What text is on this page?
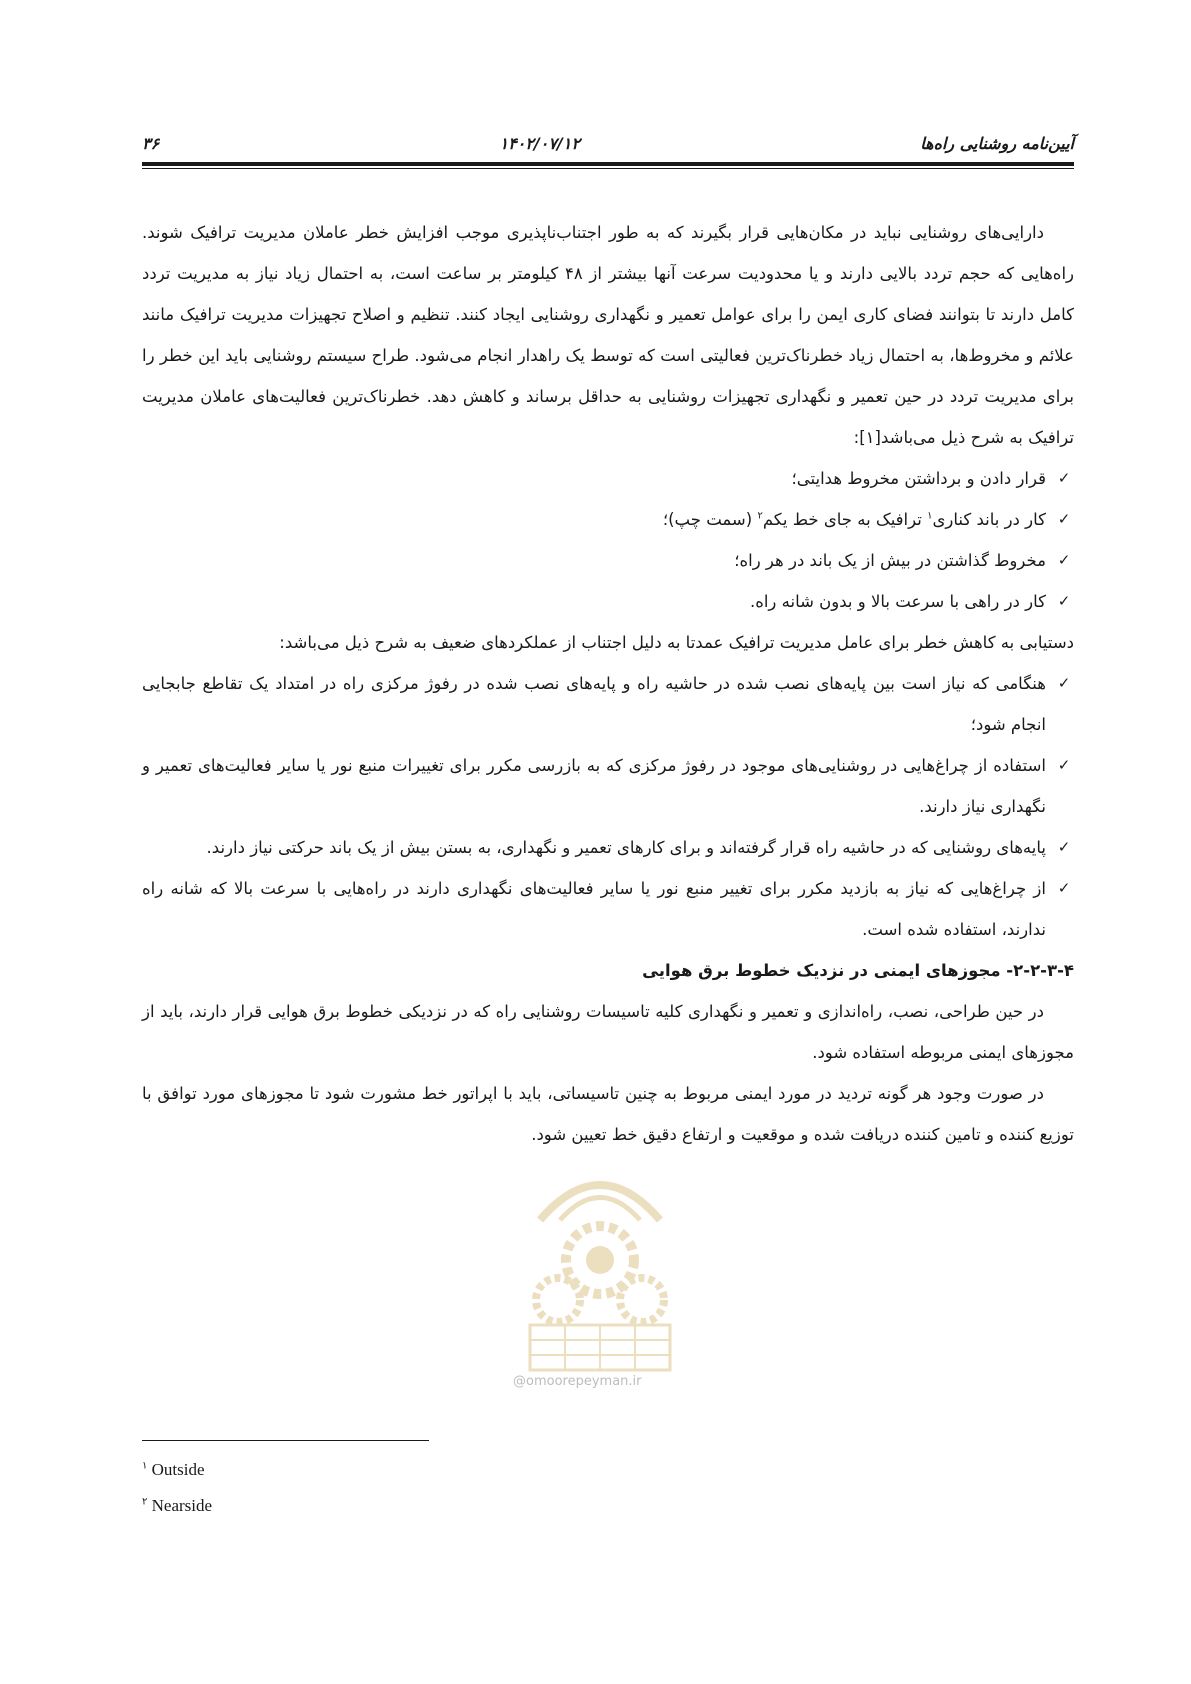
۳۶	۱۴۰۲/۰۷/۱۲	آیین‌نامه روشنایی راه‌ها

دارایی‌های روشنایی نباید در مکان‌هایی قرار بگیرند که به طور اجتناب‌ناپذیری موجب افزایش خطر عاملان مدیریت ترافیک شوند. راه‌هایی که حجم تردد بالایی دارند و یا محدودیت سرعت آنها بیشتر از ۴۸ کیلومتر بر ساعت است، به احتمال زیاد نیاز به مدیریت تردد کامل دارند تا بتوانند فضای کاری ایمن را برای عوامل تعمیر و نگهداری روشنایی ایجاد کنند. تنظیم و اصلاح تجهیزات مدیریت ترافیک مانند علائم و مخروط‌ها، به احتمال زیاد خطرناک‌ترین فعالیتی است که توسط یک راهدار انجام می‌شود. طراح سیستم روشنایی باید این خطر را برای مدیریت تردد در حین تعمیر و نگهداری تجهیزات روشنایی به حداقل برساند و کاهش دهد. خطرناک‌ترین فعالیت‌های عاملان مدیریت ترافیک به شرح ذیل می‌باشد[۱]:

✓
قرار دادن و برداشتن مخروط هدایتی؛
✓
کار در باند کناری$^۱$ ترافیک به جای خط یکم$^۲$ (سمت چپ)؛
✓
مخروط گذاشتن در بیش از یک باند در هر راه؛
✓
کار در راهی با سرعت بالا و بدون شانه راه.

دستیابی به کاهش خطر برای عامل مدیریت ترافیک عمدتا به دلیل اجتناب از عملکردهای ضعیف به شرح ذیل می‌باشد:

✓
هنگامی که نیاز است بین پایه‌های نصب شده در حاشیه راه و پایه‌های نصب شده در رفوژ مرکزی راه در امتداد یک تقاطع جابجایی انجام شود؛
✓
استفاده از چراغ‌هایی در روشنایی‌های موجود در رفوژ مرکزی که به بازرسی مکرر برای تغییرات منبع نور یا سایر فعالیت‌های تعمیر و نگهداری نیاز دارند.
✓
پایه‌های روشنایی که در حاشیه راه قرار گرفته‌اند و برای کارهای تعمیر و نگهداری، به بستن بیش از یک باند حرکتی نیاز دارند.
✓
از چراغ‌هایی که نیاز به بازدید مکرر برای تغییر منبع نور یا سایر فعالیت‌های نگهداری دارند در راه‌هایی با سرعت بالا که شانه راه ندارند، استفاده شده است.

۲-۲-۳-۴- مجوزهای ایمنی در نزدیک خطوط برق هوایی

در حین طراحی، نصب، راه‌اندازی و تعمیر و نگهداری کلیه تاسیسات روشنایی راه که در نزدیکی خطوط برق هوایی قرار دارند، باید از مجوزهای ایمنی مربوطه استفاده شود.

در صورت وجود هر گونه تردید در مورد ایمنی مربوط به چنین تاسیساتی، باید با اپراتور خط مشورت شود تا مجوزهای مورد توافق با توزیع کننده و تامین کننده دریافت شده و موقعیت و ارتفاع دقیق خط تعیین شود.

@omoorepeyman.ir
$^۱$ Outside
$^۲$ Nearside
